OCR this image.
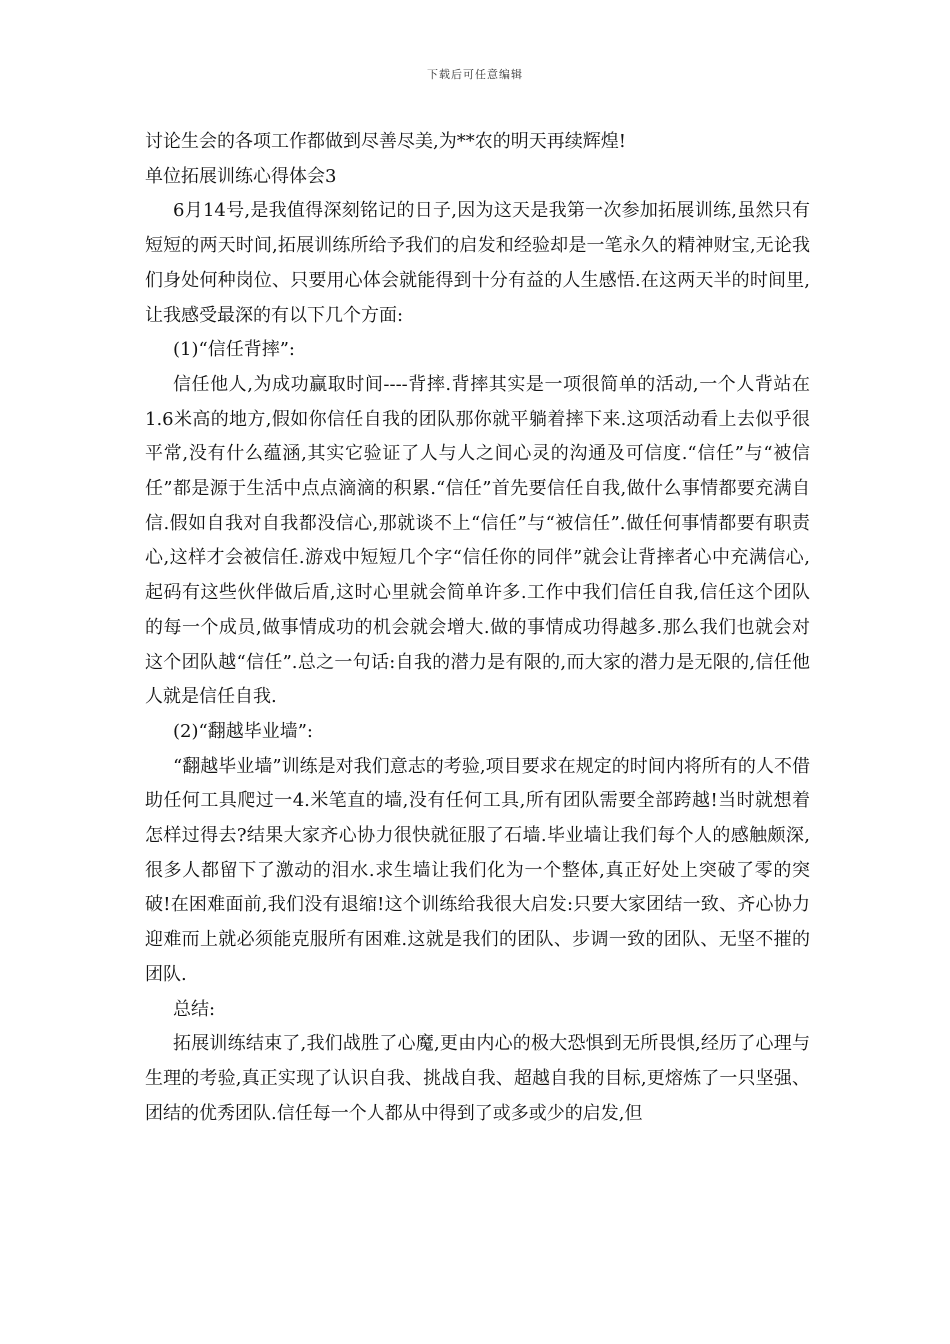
下载后可任意编辑

讨论生会的各项工作都做到尽善尽美,为**农的明天再续辉煌!

单位拓展训练心得体会3

6月14号,是我值得深刻铭记的日子,因为这天是我第一次参加拓展训练,虽然只有短短的两天时间,拓展训练所给予我们的启发和经验却是一笔永久的精神财宝,无论我们身处何种岗位、只要用心体会就能得到十分有益的人生感悟.在这两天半的时间里,让我感受最深的有以下几个方面:

(1)“信任背摔”:

信任他人,为成功赢取时间----背摔.背摔其实是一项很简单的活动,一个人背站在1.6米高的地方,假如你信任自我的团队那你就平躺着摔下来.这项活动看上去似乎很平常,没有什么蕴涵,其实它验证了人与人之间心灵的沟通及可信度.“信任”与“被信任”都是源于生活中点点滴滴的积累.“信任”首先要信任自我,做什么事情都要充满自信.假如自我对自我都没信心,那就谈不上“信任”与“被信任”.做任何事情都要有职责心,这样才会被信任.游戏中短短几个字“信任你的同伴”就会让背摔者心中充满信心,起码有这些伙伴做后盾,这时心里就会简单许多.工作中我们信任自我,信任这个团队的每一个成员,做事情成功的机会就会增大.做的事情成功得越多.那么我们也就会对这个团队越“信任”.总之一句话:自我的潜力是有限的,而大家的潜力是无限的,信任他人就是信任自我.

(2)“翻越毕业墙”:

“翻越毕业墙”训练是对我们意志的考验,项目要求在规定的时间内将所有的人不借助任何工具爬过一4.米笔直的墙,没有任何工具,所有团队需要全部跨越!当时就想着怎样过得去?结果大家齐心协力很快就征服了石墙.毕业墙让我们每个人的感触颇深,很多人都留下了激动的泪水.求生墙让我们化为一个整体,真正好处上突破了零的突破!在困难面前,我们没有退缩!这个训练给我很大启发:只要大家团结一致、齐心协力迎难而上就必须能克服所有困难.这就是我们的团队、步调一致的团队、无坚不摧的团队.

总结:

拓展训练结束了,我们战胜了心魔,更由内心的极大恐惧到无所畏惧,经历了心理与生理的考验,真正实现了认识自我、挑战自我、超越自我的目标,更熔炼了一只坚强、团结的优秀团队.信任每一个人都从中得到了或多或少的启发,但
